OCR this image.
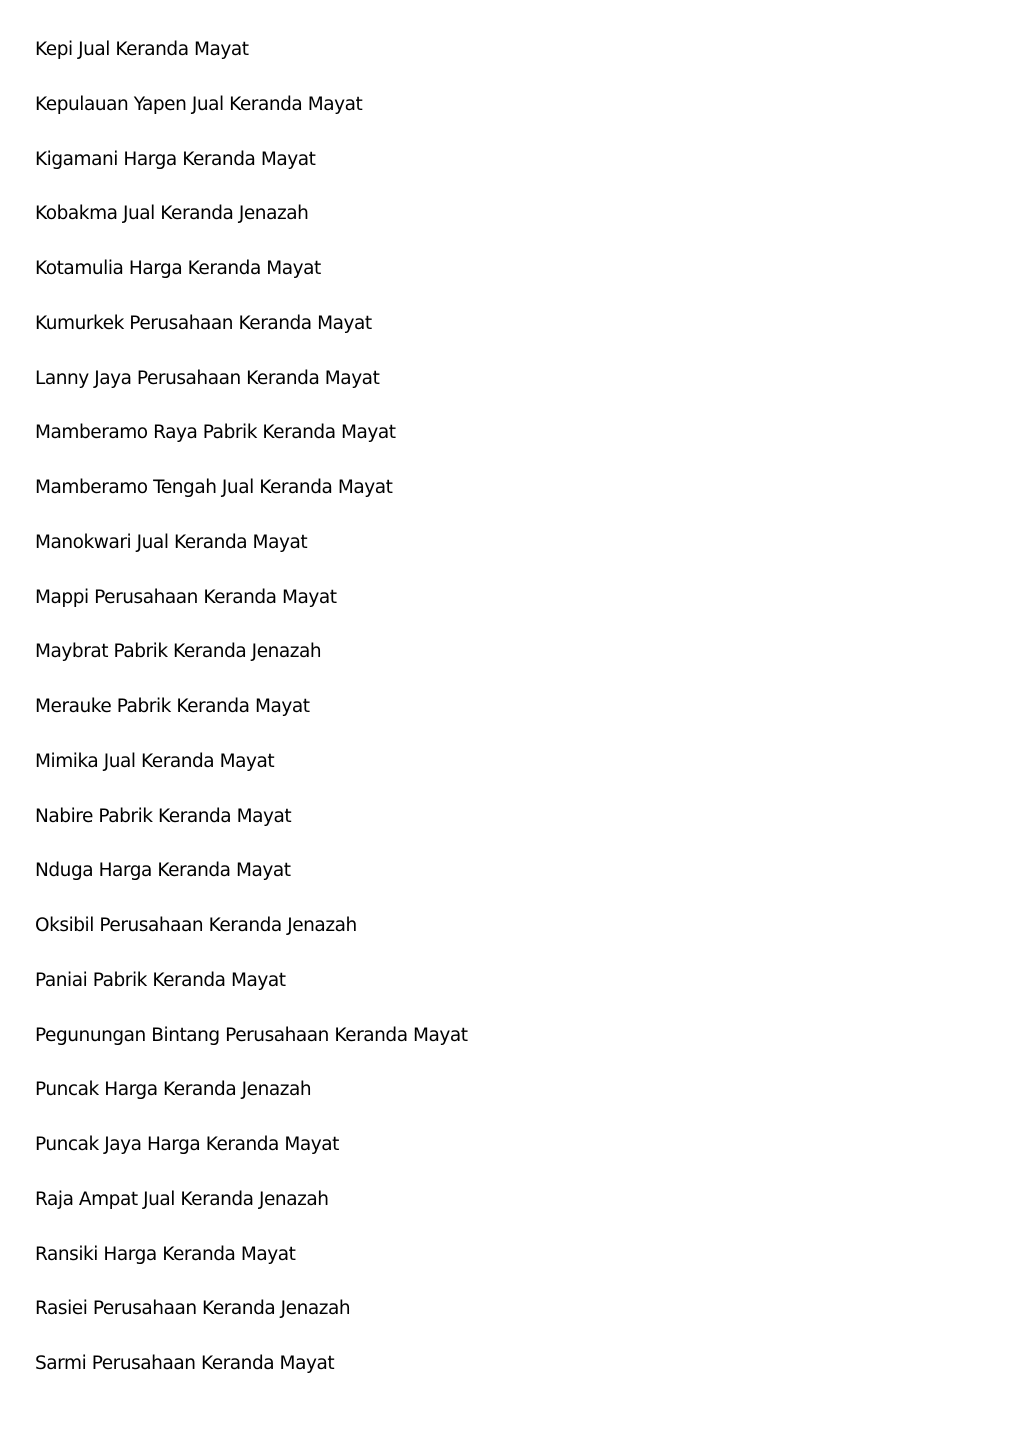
Kepi Jual Keranda Mayat
Kepulauan Yapen Jual Keranda Mayat
Kigamani Harga Keranda Mayat
Kobakma Jual Keranda Jenazah
Kotamulia Harga Keranda Mayat
Kumurkek Perusahaan Keranda Mayat
Lanny Jaya Perusahaan Keranda Mayat
Mamberamo Raya Pabrik Keranda Mayat
Mamberamo Tengah Jual Keranda Mayat
Manokwari Jual Keranda Mayat
Mappi Perusahaan Keranda Mayat
Maybrat Pabrik Keranda Jenazah
Merauke Pabrik Keranda Mayat
Mimika Jual Keranda Mayat
Nabire Pabrik Keranda Mayat
Nduga Harga Keranda Mayat
Oksibil Perusahaan Keranda Jenazah
Paniai Pabrik Keranda Mayat
Pegunungan Bintang Perusahaan Keranda Mayat
Puncak Harga Keranda Jenazah
Puncak Jaya Harga Keranda Mayat
Raja Ampat Jual Keranda Jenazah
Ransiki Harga Keranda Mayat
Rasiei Perusahaan Keranda Jenazah
Sarmi Perusahaan Keranda Mayat
